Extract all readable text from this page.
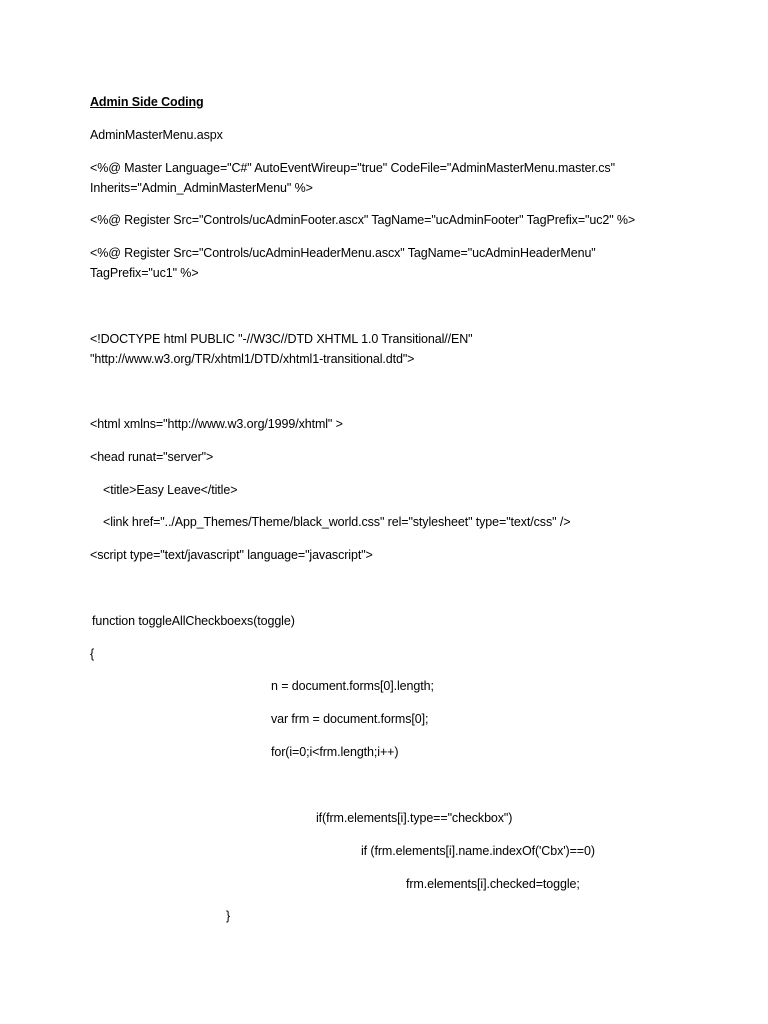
Admin Side Coding
AdminMasterMenu.aspx
<%@ Master Language="C#" AutoEventWireup="true" CodeFile="AdminMasterMenu.master.cs"
Inherits="Admin_AdminMasterMenu" %>
<%@ Register Src="Controls/ucAdminFooter.ascx" TagName="ucAdminFooter" TagPrefix="uc2" %>
<%@ Register Src="Controls/ucAdminHeaderMenu.ascx" TagName="ucAdminHeaderMenu"
TagPrefix="uc1" %>
<!DOCTYPE html PUBLIC "-//W3C//DTD XHTML 1.0 Transitional//EN"
"http://www.w3.org/TR/xhtml1/DTD/xhtml1-transitional.dtd">
<html xmlns="http://www.w3.org/1999/xhtml" >
<head runat="server">
<title>Easy Leave</title>
<link href="../App_Themes/Theme/black_world.css" rel="stylesheet" type="text/css" />
<script type="text/javascript" language="javascript">
function toggleAllCheckboexs(toggle)
{
n = document.forms[0].length;
var frm = document.forms[0];
for(i=0;i<frm.length;i++)
if(frm.elements[i].type=="checkbox")
if (frm.elements[i].name.indexOf('Cbx')==0)
frm.elements[i].checked=toggle;
}
